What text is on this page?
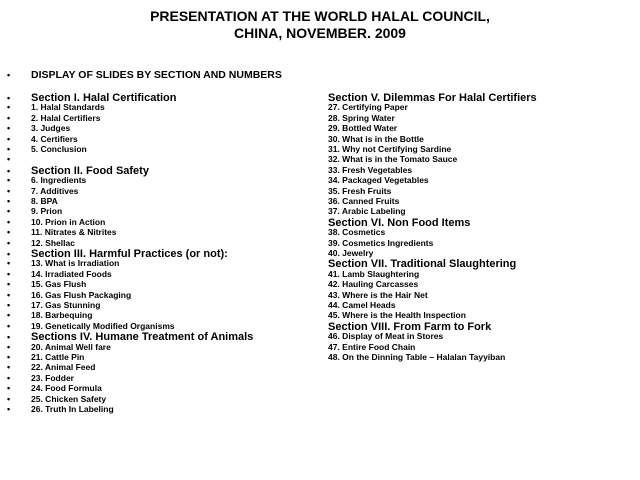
PRESENTATION AT THE WORLD HALAL COUNCIL,
CHINA, NOVEMBER. 2009
• DISPLAY OF SLIDES BY SECTION AND NUMBERS
• Section I. Halal Certification
• 1. Halal Standards
• 2. Halal Certifiers
• 3. Judges
• 4. Certifiers
• 5. Conclusion
•
• Section II. Food Safety
• 6. Ingredients
• 7. Additives
• 8. BPA
• 9. Prion
• 10. Prion in Action
• 11. Nitrates & Nitrites
• 12. Shellac
• Section III. Harmful Practices (or not):
• 13. What is Irradiation
• 14. Irradiated Foods
• 15. Gas Flush
• 16. Gas Flush Packaging
• 17. Gas Stunning
• 18. Barbequing
• 19. Genetically Modified Organisms
• Sections IV. Humane Treatment of Animals
• 20. Animal Well fare
• 21. Cattle Pin
• 22. Animal Feed
• 23. Fodder
• 24. Food Formula
• 25. Chicken Safety
• 26. Truth In Labeling
Section V. Dilemmas For Halal Certifiers
27. Certifying Paper
28. Spring Water
29. Bottled Water
30. What is in the Bottle
31. Why not Certifying Sardine
32. What is in the Tomato Sauce
33. Fresh Vegetables
34. Packaged Vegetables
35. Fresh Fruits
36. Canned Fruits
37. Arabic Labeling
Section VI. Non Food Items
38. Cosmetics
39. Cosmetics Ingredients
40. Jewelry
Section VII. Traditional Slaughtering
41. Lamb Slaughtering
42. Hauling Carcasses
43. Where is the Hair Net
44. Camel Heads
45. Where is the Health Inspection
Section VIII. From Farm to Fork
46. Display of Meat in Stores
47. Entire Food Chain
48. On the Dinning Table – Halalan Tayyiban
